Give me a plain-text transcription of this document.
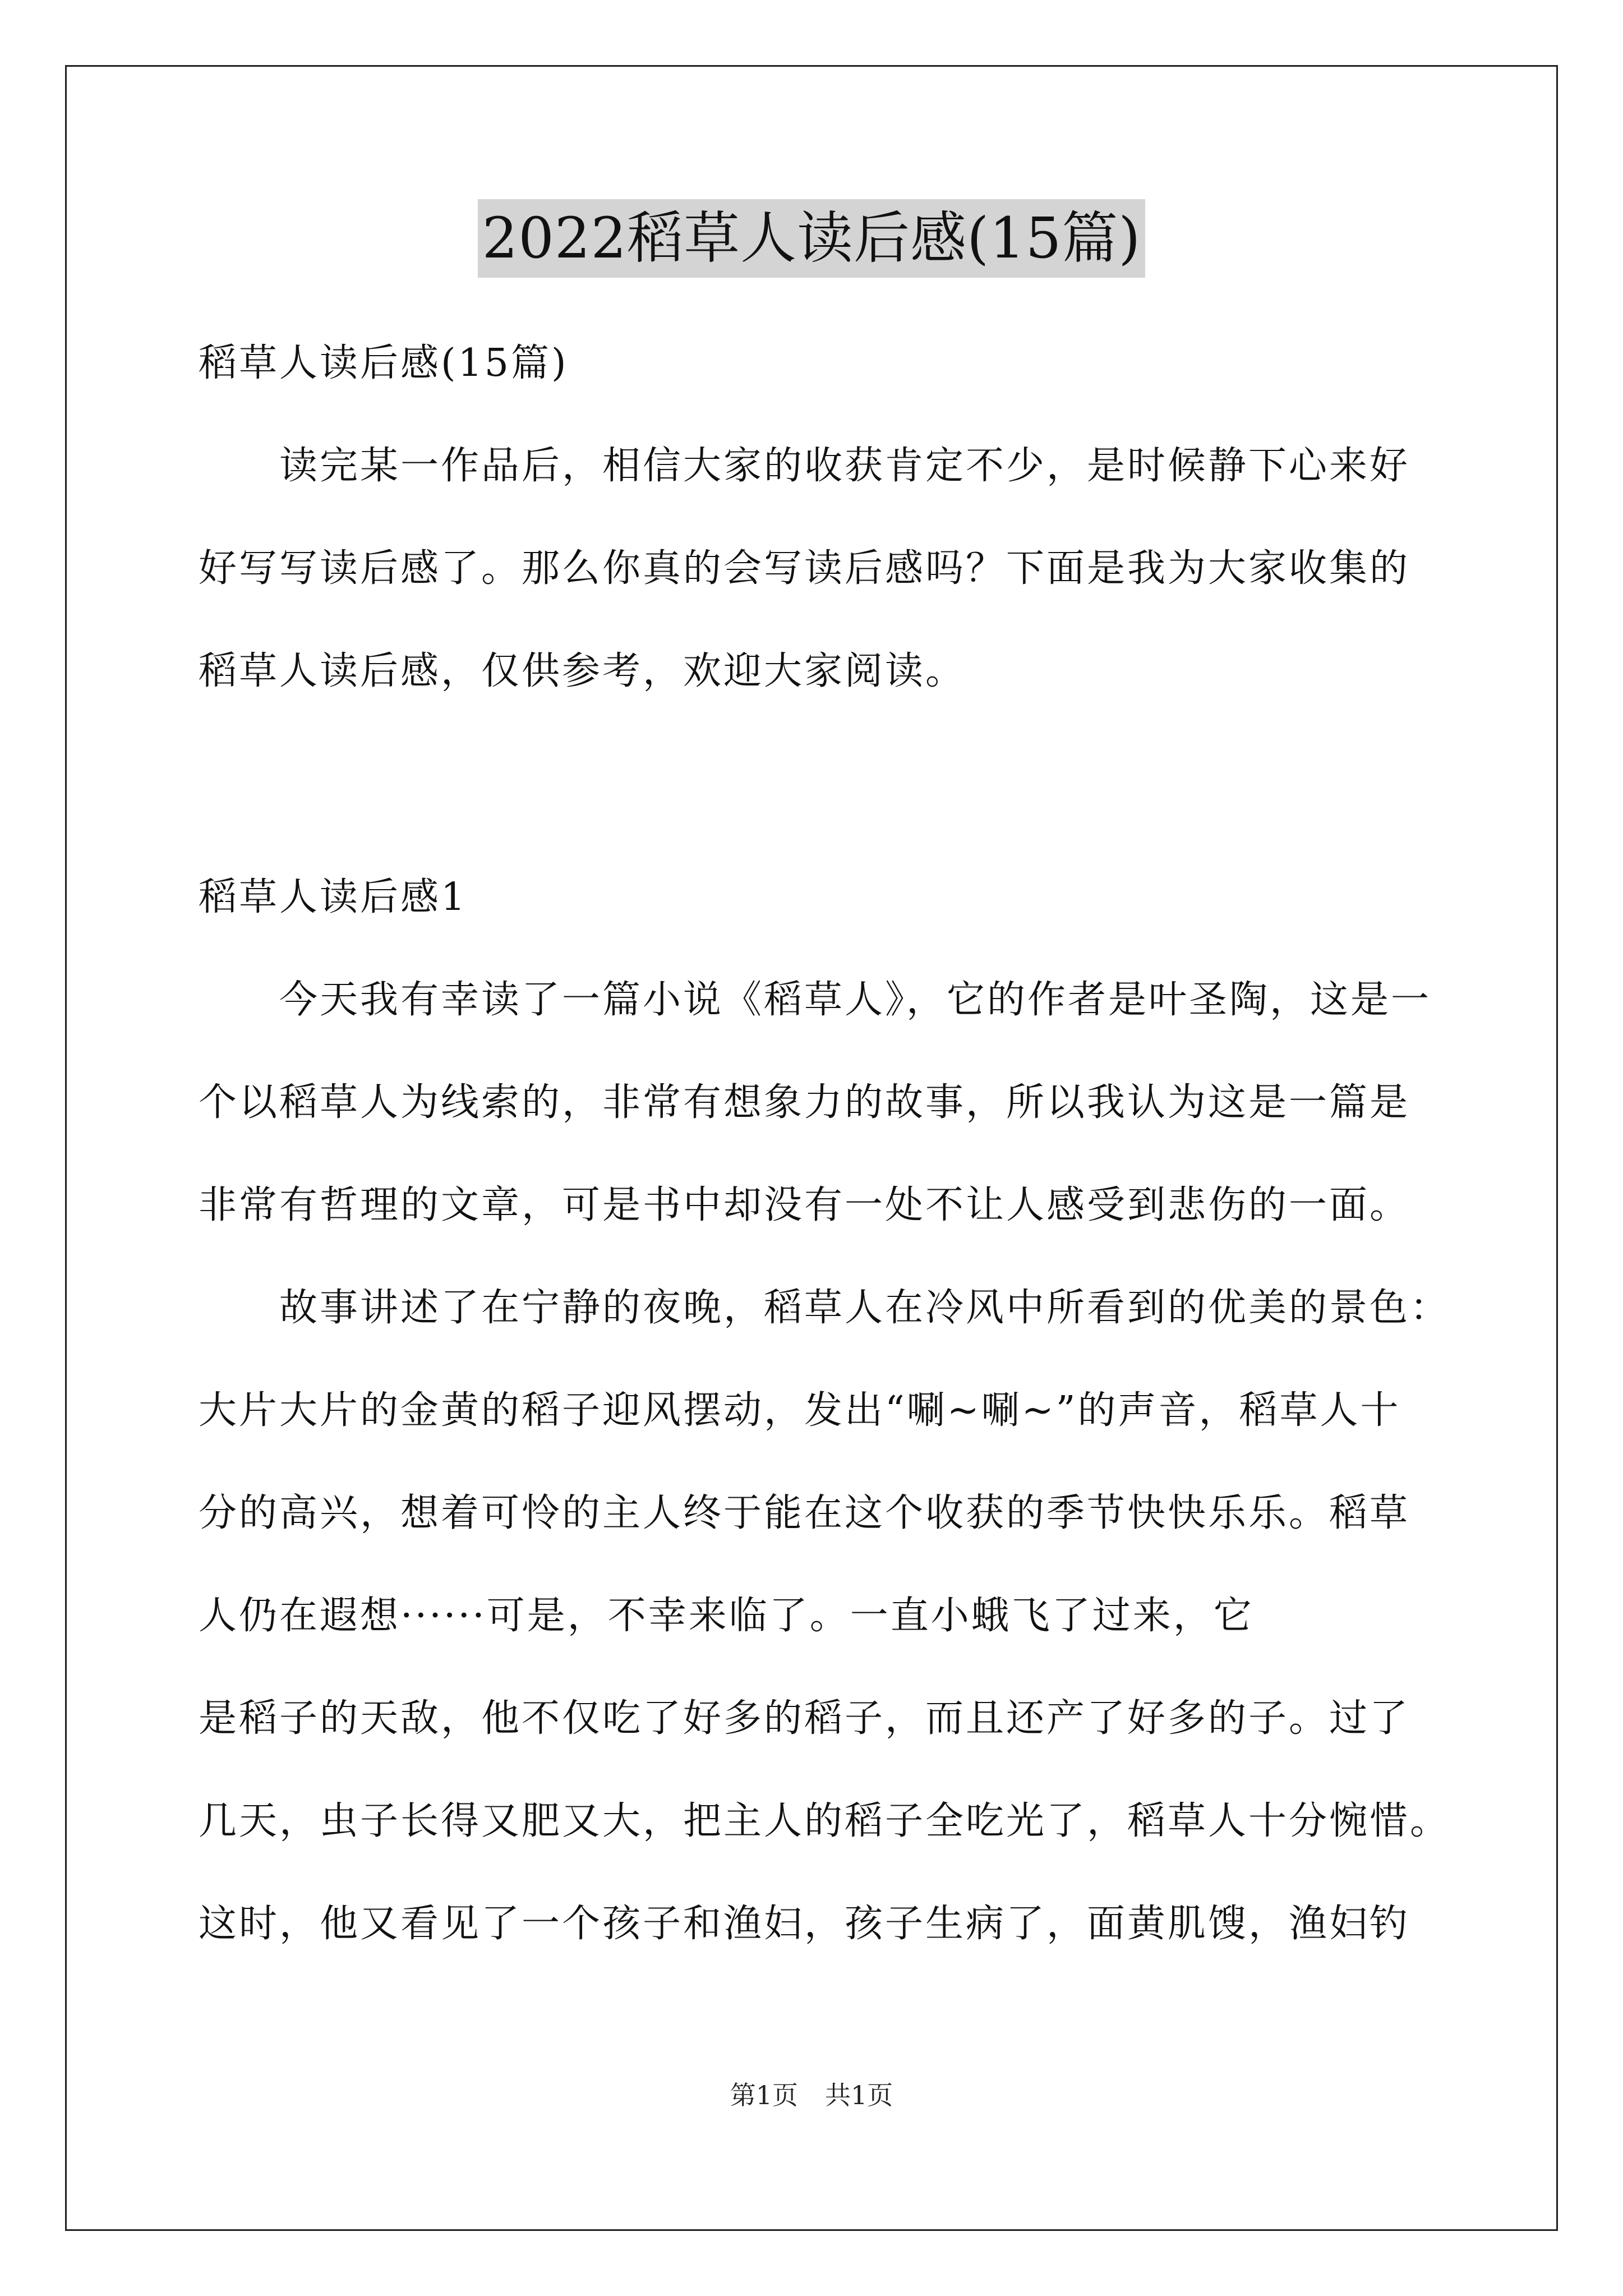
2022稻草人读后感(15篇)
稻草人读后感(15篇)
　　读完某一作品后，相信大家的收获肯定不少，是时候静下心来好
好写写读后感了。那么你真的会写读后感吗？下面是我为大家收集的
稻草人读后感，仅供参考，欢迎大家阅读。
稻草人读后感1
　　今天我有幸读了一篇小说《稻草人》，它的作者是叶圣陶，这是一
个以稻草人为线索的，非常有想象力的故事，所以我认为这是一篇是
非常有哲理的文章，可是书中却没有一处不让人感受到悲伤的一面。
　　故事讲述了在宁静的夜晚，稻草人在冷风中所看到的优美的景色：
大片大片的金黄的稻子迎风摆动，发出“唰~唰~”的声音，稻草人十
分的高兴，想着可怜的主人终于能在这个收获的季节快快乐乐。稻草
人仍在遐想······可是，不幸来临了。一直小蛾飞了过来，它
是稻子的天敌，他不仅吃了好多的稻子，而且还产了好多的子。过了
几天，虫子长得又肥又大，把主人的稻子全吃光了，稻草人十分惋惜。
这时，他又看见了一个孩子和渔妇，孩子生病了，面黄肌馊，渔妇钓
第1页 共1页
